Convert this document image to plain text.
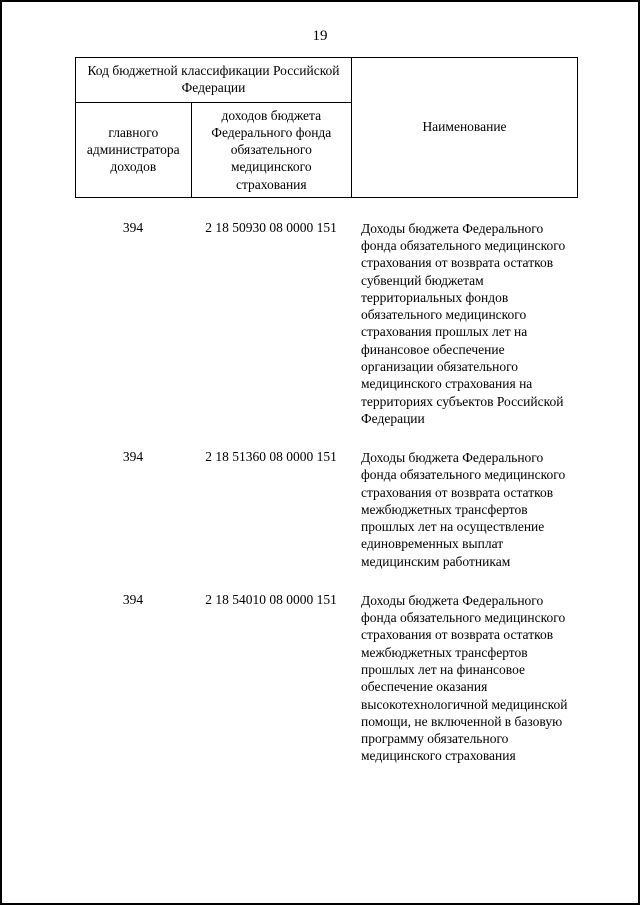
19
Код бюджетной классификации Российской Федерации
главного администратора доходов
доходов бюджета Федерального фонда обязательного медицинского страхования
Наименование
394	2 18 50930 08 0000 151	Доходы бюджета Федерального фонда обязательного медицинского страхования от возврата остатков субвенций бюджетам территориальных фондов обязательного медицинского страхования прошлых лет на финансовое обеспечение организации обязательного медицинского страхования на территориях субъектов Российской Федерации
394	2 18 51360 08 0000 151	Доходы бюджета Федерального фонда обязательного медицинского страхования от возврата остатков межбюджетных трансфертов прошлых лет на осуществление единовременных выплат медицинским работникам
394	2 18 54010 08 0000 151	Доходы бюджета Федерального фонда обязательного медицинского страхования от возврата остатков межбюджетных трансфертов прошлых лет на финансовое обеспечение оказания высокотехнологичной медицинской помощи, не включенной в базовую программу обязательного медицинского страхования
